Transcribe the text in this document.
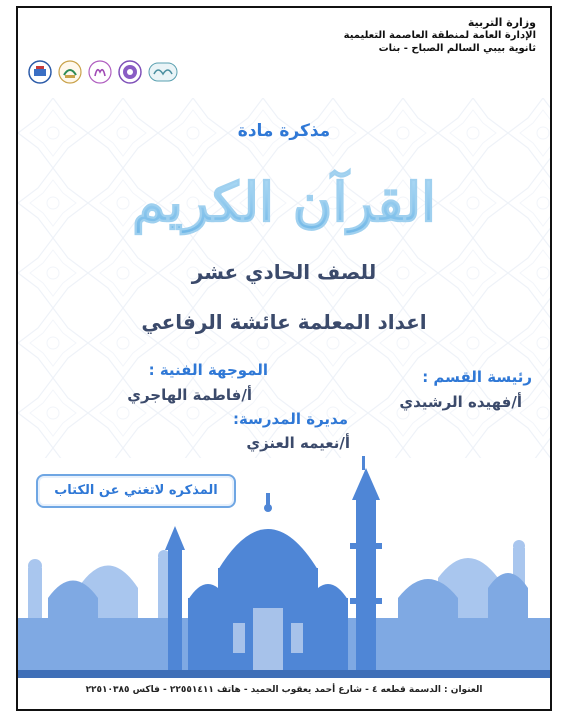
وزارة التربية
الإدارة العامة لمنطقة العاصمة التعليمية
ثانوية بيبي السالم الصباح - بنات
مذكرة مادة
القرآن الكريم
للصف الحادي عشر
اعداد المعلمة عائشة الرفاعي
الموجهة الفنية :
أ/فاطمة الهاجري
رئيسة القسم :
أ/فهيده الرشيدي
مديرة المدرسة:
أ/نعيمه العنزي
المذكره لاتغني عن الكتاب
العنوان : الدسمة قطعه ٤ - شارع أحمد يعقوب الحميد - هاتف ٢٢٥٥١٤١١ - فاكس ٢٢٥١٠٣٨٥
